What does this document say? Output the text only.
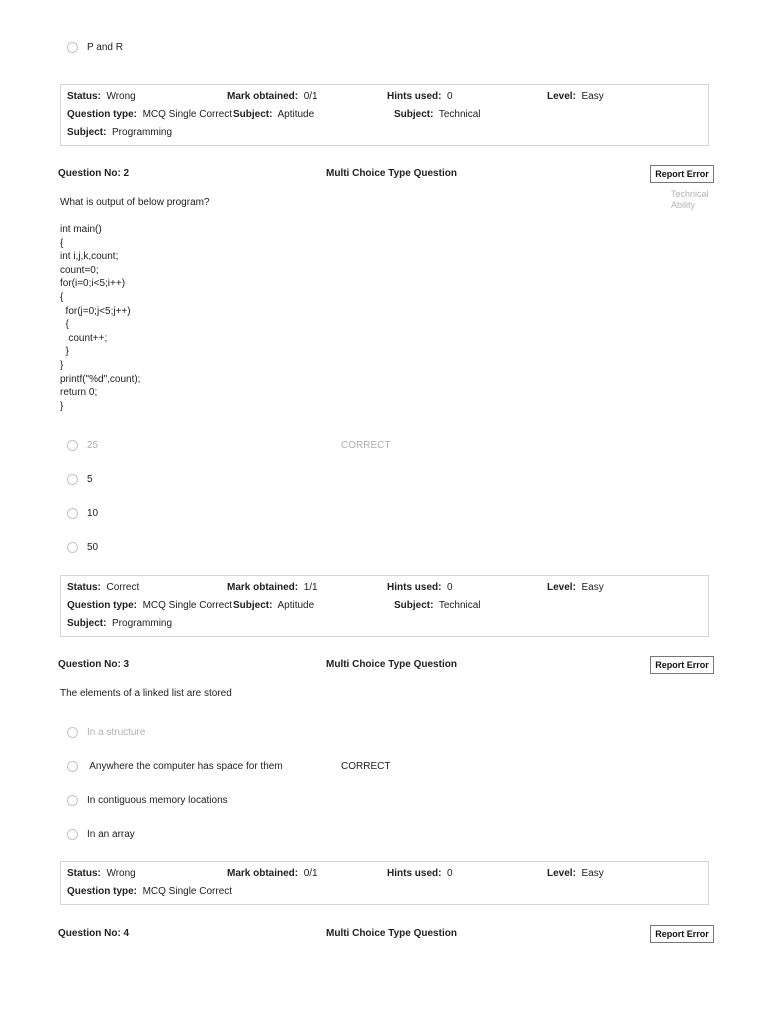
P and R
Status: Wrong	Mark obtained: 0/1	Hints used: 0	Level: Easy
Question type: MCQ Single Correct Subject: Aptitude	Subject: Technical
Subject: Programming
Question No: 2	Multi Choice Type Question	Report Error
Technical Ability
What is output of below program?
int main()
{
int i,j,k,count;
count=0;
for(i=0;i<5;i++)
{
for(j=0;j<5;j++)
{
count++;
}
}
printf("%d",count);
return 0;
}
25	CORRECT
5
10
50
Status: Correct	Mark obtained: 1/1	Hints used: 0	Level: Easy
Question type: MCQ Single Correct Subject: Aptitude	Subject: Technical
Subject: Programming
Question No: 3	Multi Choice Type Question	Report Error
The elements of a linked list are stored
In a structure
Anywhere the computer has space for them	CORRECT
In contiguous memory locations
In an array
Status: Wrong	Mark obtained: 0/1	Hints used: 0	Level: Easy
Question type: MCQ Single Correct
Question No: 4	Multi Choice Type Question	Report Error
